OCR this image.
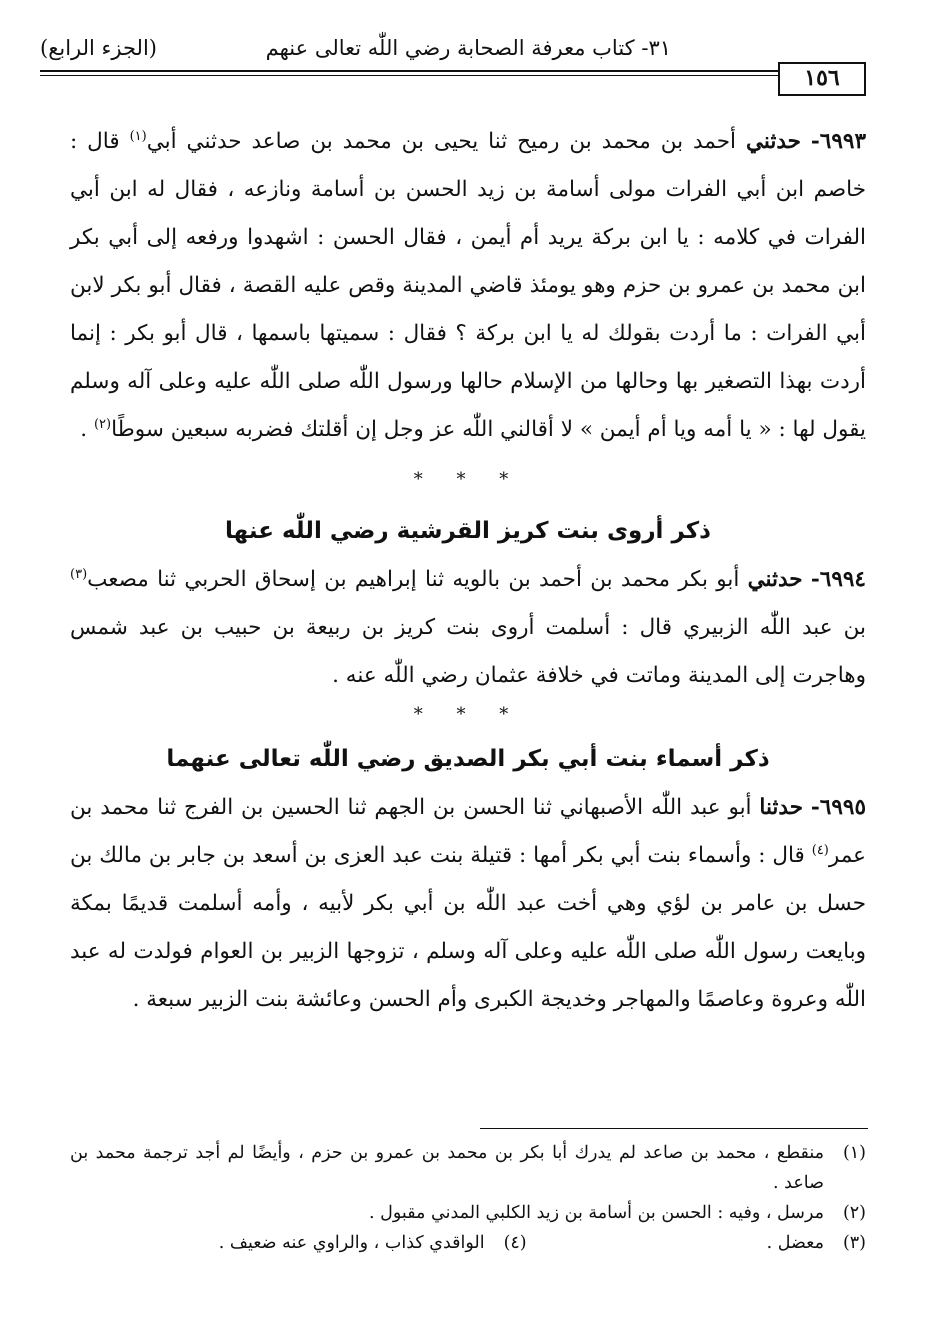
٣١- كتاب معرفة الصحابة رضي اللّٰه تعالى عنهم
(الجزء الرابع)
١٥٦

٦٩٩٣- حدثني أحمد بن محمد بن رميح ثنا يحيى بن محمد بن صاعد حدثني أبي$^{(١)}$ قال : خاصم ابن أبي الفرات مولى أسامة بن زيد الحسن بن أسامة ونازعه ، فقال له ابن أبي الفرات في كلامه : يا ابن بركة يريد أم أيمن ، فقال الحسن : اشهدوا ورفعه إلى أبي بكر ابن محمد بن عمرو بن حزم وهو يومئذ قاضي المدينة وقص عليه القصة ، فقال أبو بكر لابن أبي الفرات : ما أردت بقولك له يا ابن بركة ؟ فقال : سميتها باسمها ، قال أبو بكر : إنما أردت بهذا التصغير بها وحالها من الإسلام حالها ورسول اللّٰه صلى اللّٰه عليه وعلى آله وسلم يقول لها : « يا أمه ويا أم أيمن » لا أقالني اللّٰه عز وجل إن أقلتك فضربه سبعين سوطًا$^{(٢)}$ .

* * *
ذكر أروى بنت كريز القرشية رضي اللّٰه عنها

٦٩٩٤- حدثني أبو بكر محمد بن أحمد بن بالويه ثنا إبراهيم بن إسحاق الحربي ثنا مصعب$^{(٣)}$ بن عبد اللّٰه الزبيري قال : أسلمت أروى بنت كريز بن ربيعة بن حبيب بن عبد شمس وهاجرت إلى المدينة وماتت في خلافة عثمان رضي اللّٰه عنه .

* * *
ذكر أسماء بنت أبي بكر الصديق رضي اللّٰه تعالى عنهما

٦٩٩٥- حدثنا أبو عبد اللّٰه الأصبهاني ثنا الحسن بن الجهم ثنا الحسين بن الفرج ثنا محمد بن عمر$^{(٤)}$ قال : وأسماء بنت أبي بكر أمها : قتيلة بنت عبد العزى بن أسعد بن جابر بن مالك بن حسل بن عامر بن لؤي وهي أخت عبد اللّٰه بن أبي بكر لأبيه ، وأمه أسلمت قديمًا بمكة وبايعت رسول اللّٰه صلى اللّٰه عليه وعلى آله وسلم ، تزوجها الزبير بن العوام فولدت له عبد اللّٰه وعروة وعاصمًا والمهاجر وخديجة الكبرى وأم الحسن وعائشة بنت الزبير سبعة .

(١)
منقطع ، محمد بن صاعد لم يدرك أبا بكر بن محمد بن عمرو بن حزم ، وأيضًا لم أجد ترجمة محمد بن صاعد .
(٢)
مرسل ، وفيه : الحسن بن أسامة بن زيد الكلبي المدني مقبول .
(٣)
معضل .
(٤)
الواقدي كذاب ، والراوي عنه ضعيف .
